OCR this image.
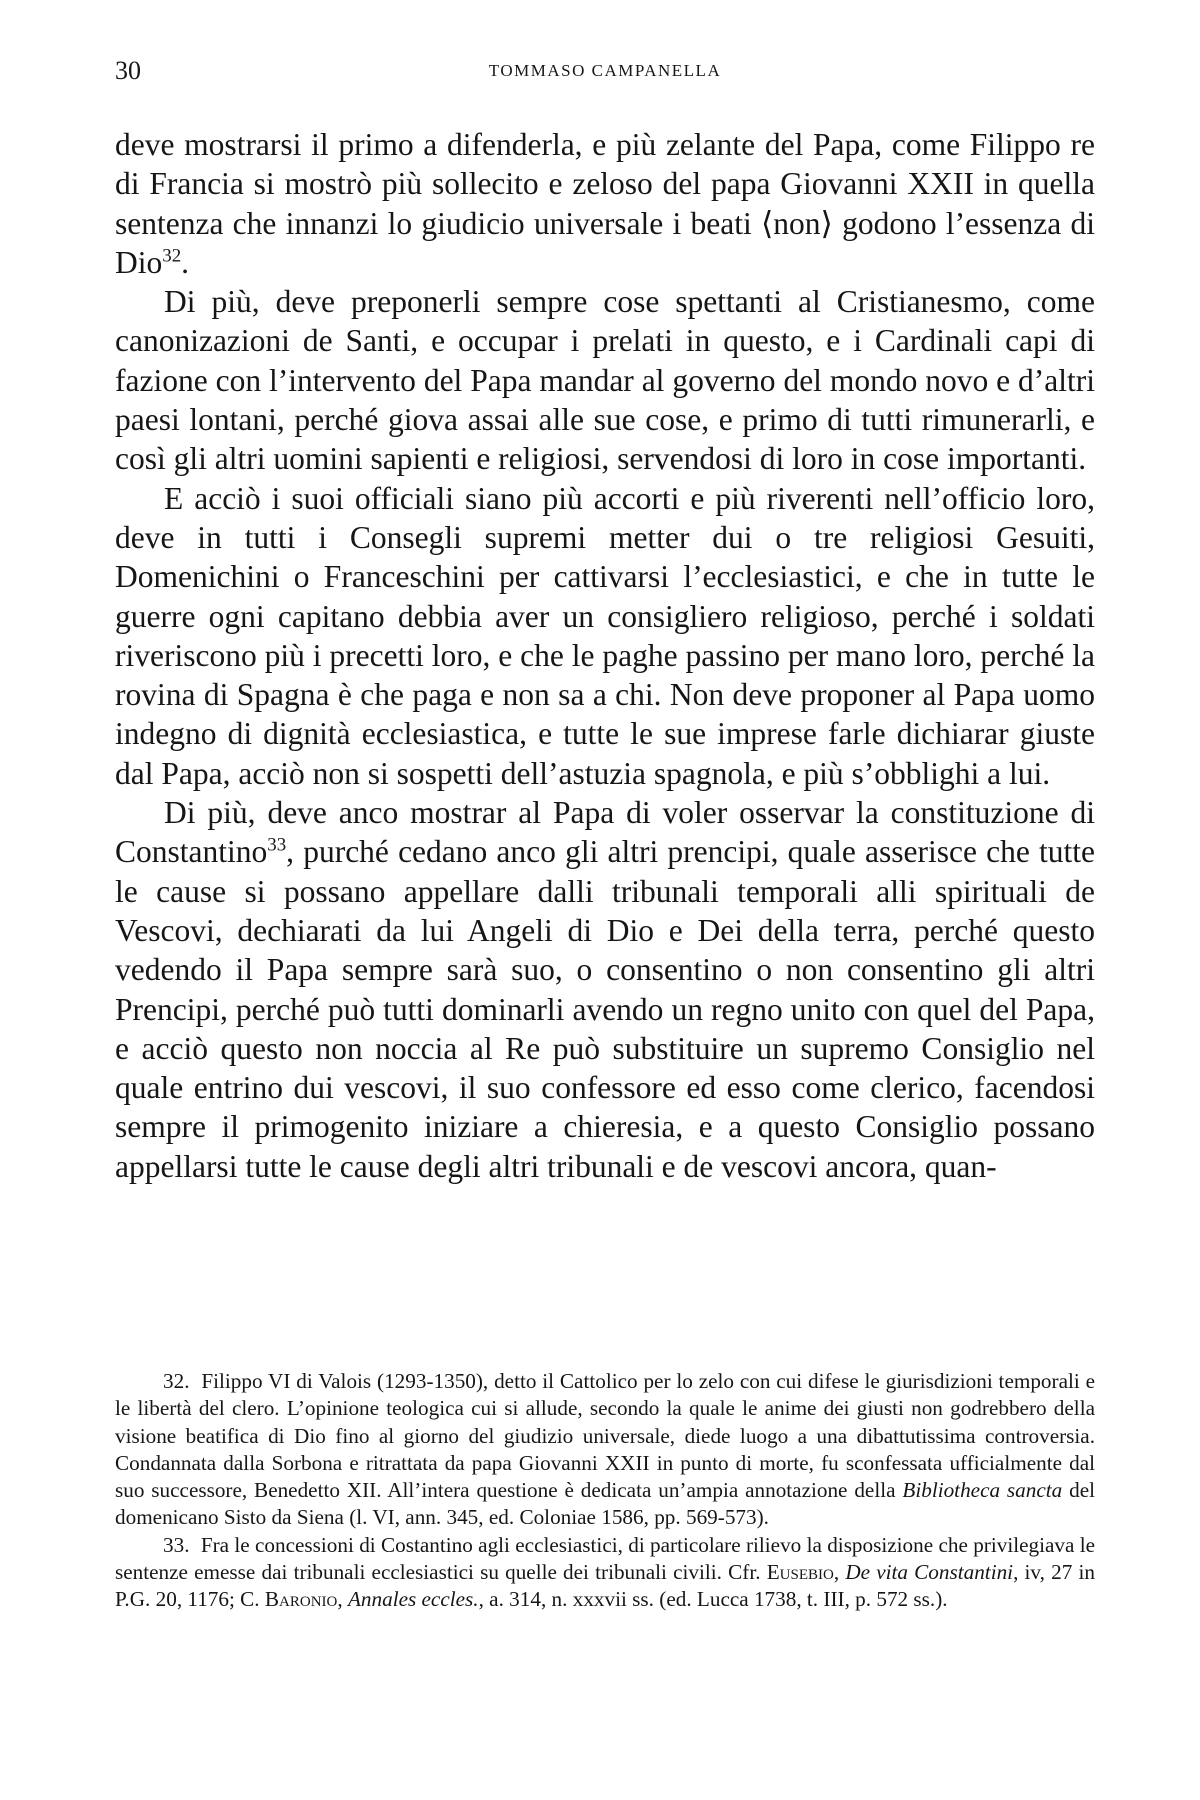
30	TOMMASO CAMPANELLA

deve mostrarsi il primo a difenderla, e più zelante del Papa, come Filippo re di Francia si mostrò più sollecito e zeloso del papa Giovanni XXII in quella sentenza che innanzi lo giudicio universale i beati ⟨non⟩ godono l’essenza di Dio$^{32}$.

Di più, deve preponerli sempre cose spettanti al Cristianesmo, come canonizazioni de Santi, e occupar i prelati in questo, e i Cardinali capi di fazione con l’intervento del Papa mandar al governo del mondo novo e d’altri paesi lontani, perché giova assai alle sue cose, e primo di tutti rimunerarli, e così gli altri uomini sapienti e religiosi, servendosi di loro in cose importanti.

E acciò i suoi officiali siano più accorti e più riverenti nell’officio loro, deve in tutti i Consegli supremi metter dui o tre religiosi Gesuiti, Domenichini o Franceschini per cattivarsi l’ecclesiastici, e che in tutte le guerre ogni capitano debbia aver un consigliero religioso, perché i soldati riveriscono più i precetti loro, e che le paghe passino per mano loro, perché la rovina di Spagna è che paga e non sa a chi. Non deve proponer al Papa uomo indegno di dignità ecclesiastica, e tutte le sue imprese farle dichiarar giuste dal Papa, acciò non si sospetti dell’astuzia spagnola, e più s’obblighi a lui.

Di più, deve anco mostrar al Papa di voler osservar la constituzione di Constantino$^{33}$, purché cedano anco gli altri prencipi, quale asserisce che tutte le cause si possano appellare dalli tribunali temporali alli spirituali de Vescovi, dechiarati da lui Angeli di Dio e Dei della terra, perché questo vedendo il Papa sempre sarà suo, o consentino o non consentino gli altri Prencipi, perché può tutti dominarli avendo un regno unito con quel del Papa, e acciò questo non noccia al Re può substituire un supremo Consiglio nel quale entrino dui vescovi, il suo confessore ed esso come clerico, facendosi sempre il primogenito iniziare a chieresia, e a questo Consiglio possano appellarsi tutte le cause degli altri tribunali e de vescovi ancora, quan-

32. Filippo VI di Valois (1293-1350), detto il Cattolico per lo zelo con cui difese le giurisdizioni temporali e le libertà del clero. L’opinione teologica cui si allude, secondo la quale le anime dei giusti non godrebbero della visione beatifica di Dio fino al giorno del giudizio universale, diede luogo a una dibattutissima controversia. Condannata dalla Sorbona e ritrattata da papa Giovanni XXII in punto di morte, fu sconfessata ufficialmente dal suo successore, Benedetto XII. All’intera questione è dedicata un’ampia annotazione della Bibliotheca sancta del domenicano Sisto da Siena (l. VI, ann. 345, ed. Coloniae 1586, pp. 569-573).

33. Fra le concessioni di Costantino agli ecclesiastici, di particolare rilievo la disposizione che privilegiava le sentenze emesse dai tribunali ecclesiastici su quelle dei tribunali civili. Cfr. Eusebio, De vita Constantini, iv, 27 in P.G. 20, 1176; C. Baronio, Annales eccles., a. 314, n. xxxvii ss. (ed. Lucca 1738, t. III, p. 572 ss.).
